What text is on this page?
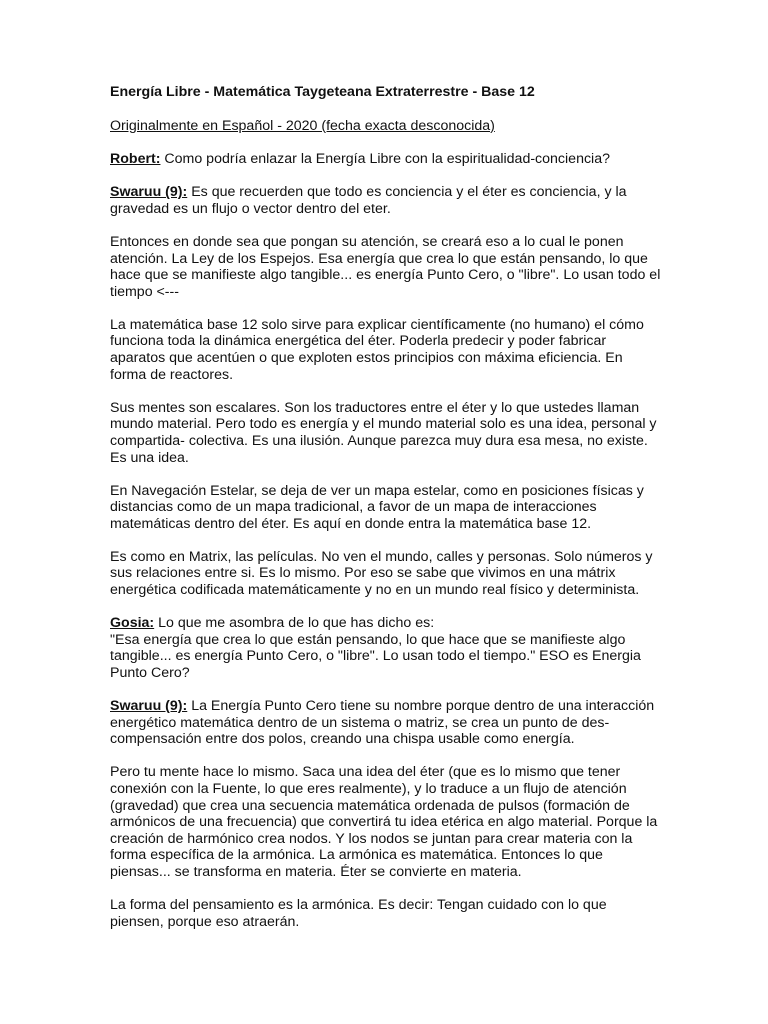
Energía Libre - Matemática Taygeteana Extraterrestre - Base 12
Originalmente en Español - 2020 (fecha exacta desconocida)
Robert: Como podría enlazar la Energía Libre con la espiritualidad-conciencia?
Swaruu (9): Es que recuerden que todo es conciencia y el éter es conciencia, y la gravedad es un flujo o vector dentro del eter.
Entonces en donde sea que pongan su atención, se creará eso a lo cual le ponen atención. La Ley de los Espejos. Esa energía que crea lo que están pensando, lo que hace que se manifieste algo tangible... es energía Punto Cero, o "libre". Lo usan todo el tiempo <---
La matemática base 12 solo sirve para explicar científicamente (no humano) el cómo funciona toda la dinámica energética del éter. Poderla predecir y poder fabricar aparatos que acentúen o que exploten estos principios con máxima eficiencia. En forma de reactores.
Sus mentes son escalares. Son los traductores entre el éter y lo que ustedes llaman mundo material. Pero todo es energía y el mundo material solo es una idea, personal y compartida- colectiva. Es una ilusión. Aunque parezca muy dura esa mesa, no existe. Es una idea.
En Navegación Estelar, se deja de ver un mapa estelar, como en posiciones físicas y distancias como de un mapa tradicional, a favor de un mapa de interacciones matemáticas dentro del éter. Es aquí en donde entra la matemática base 12.
Es como en Matrix, las películas. No ven el mundo, calles y personas. Solo números y sus relaciones entre si. Es lo mismo. Por eso se sabe que vivimos en una mátrix energética codificada matemáticamente y no en un mundo real físico y determinista.
Gosia: Lo que me asombra de lo que has dicho es:
"Esa energía que crea lo que están pensando, lo que hace que se manifieste algo tangible... es energía Punto Cero, o "libre". Lo usan todo el tiempo." ESO es Energia Punto Cero?
Swaruu (9): La Energía Punto Cero tiene su nombre porque dentro de una interacción energético matemática dentro de un sistema o matriz, se crea un punto de des-compensación entre dos polos, creando una chispa usable como energía.
Pero tu mente hace lo mismo. Saca una idea del éter (que es lo mismo que tener conexión con la Fuente, lo que eres realmente), y lo traduce a un flujo de atención (gravedad) que crea una secuencia matemática ordenada de pulsos (formación de armónicos de una frecuencia) que convertirá tu idea etérica en algo material. Porque la creación de harmónico crea nodos. Y los nodos se juntan para crear materia con la forma específica de la armónica. La armónica es matemática. Entonces lo que piensas... se transforma en materia. Éter se convierte en materia.
La forma del pensamiento es la armónica. Es decir: Tengan cuidado con lo que piensen, porque eso atraerán.
